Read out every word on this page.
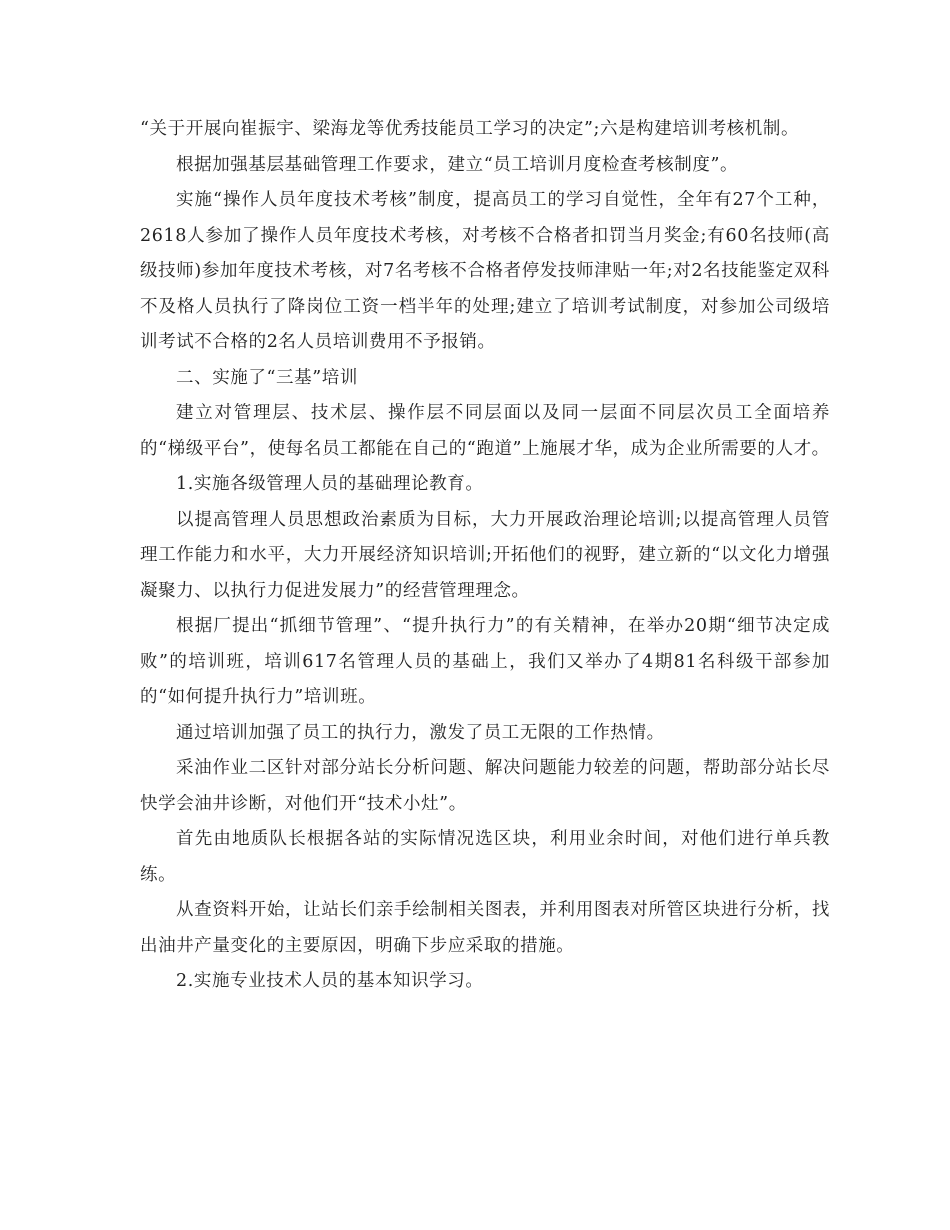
“关于开展向崔振宇、梁海龙等优秀技能员工学习的决定”;六是构建培训考核机制。

根据加强基层基础管理工作要求，建立“员工培训月度检查考核制度”。

实施“操作人员年度技术考核”制度，提高员工的学习自觉性，全年有27个工种，2618人参加了操作人员年度技术考核，对考核不合格者扣罚当月奖金;有60名技师(高级技师)参加年度技术考核，对7名考核不合格者停发技师津贴一年;对2名技能鉴定双科不及格人员执行了降岗位工资一档半年的处理;建立了培训考试制度，对参加公司级培训考试不合格的2名人员培训费用不予报销。

二、实施了“三基”培训

建立对管理层、技术层、操作层不同层面以及同一层面不同层次员工全面培养的“梯级平台”，使每名员工都能在自己的“跑道”上施展才华，成为企业所需要的人才。

1.实施各级管理人员的基础理论教育。

以提高管理人员思想政治素质为目标，大力开展政治理论培训;以提高管理人员管理工作能力和水平，大力开展经济知识培训;开拓他们的视野，建立新的“以文化力增强凝聚力、以执行力促进发展力”的经营管理理念。

根据厂提出“抓细节管理”、“提升执行力”的有关精神，在举办20期“细节决定成败”的培训班，培训617名管理人员的基础上，我们又举办了4期81名科级干部参加的“如何提升执行力”培训班。

通过培训加强了员工的执行力，激发了员工无限的工作热情。

采油作业二区针对部分站长分析问题、解决问题能力较差的问题，帮助部分站长尽快学会油井诊断，对他们开“技术小灶”。

首先由地质队长根据各站的实际情况选区块，利用业余时间，对他们进行单兵教练。

从查资料开始，让站长们亲手绘制相关图表，并利用图表对所管区块进行分析，找出油井产量变化的主要原因，明确下步应采取的措施。

2.实施专业技术人员的基本知识学习。
